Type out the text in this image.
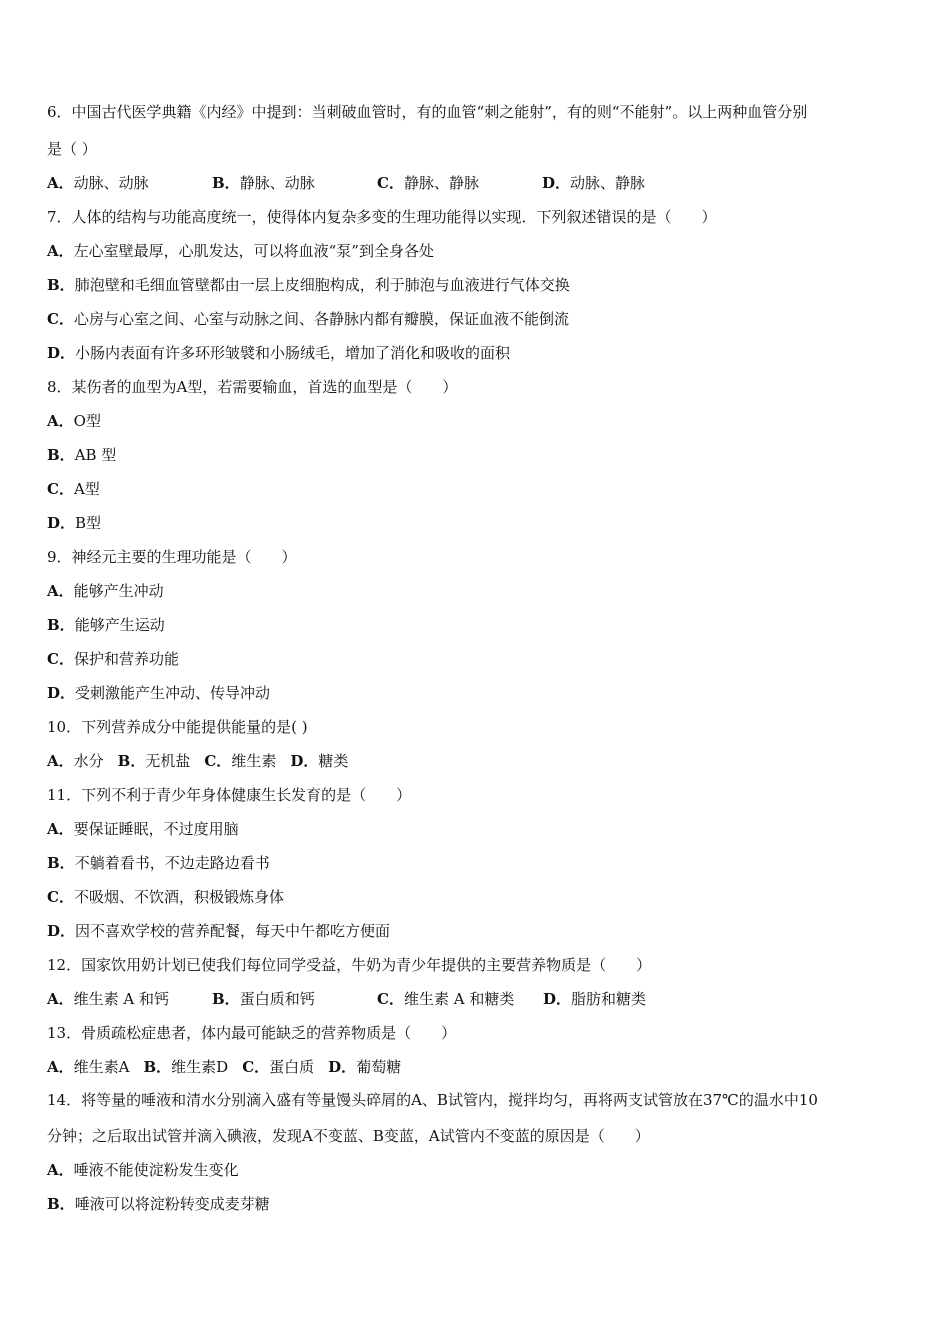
6．中国古代医学典籍《内经》中提到：当刺破血管时，有的血管“刺之能射”，有的则“不能射”。以上两种血管分别
是（ ）
A．动脉、动脉	B．静脉、动脉	C．静脉、静脉	D．动脉、静脉
7．人体的结构与功能高度统一，使得体内复杂多变的生理功能得以实现．下列叙述错误的是（　　）
A．左心室壁最厚，心肌发达，可以将血液“泵”到全身各处
B．肺泡壁和毛细血管壁都由一层上皮细胞构成，利于肺泡与血液进行气体交换
C．心房与心室之间、心室与动脉之间、各静脉内都有瓣膜，保证血液不能倒流
D．小肠内表面有许多环形皱襞和小肠绒毛，增加了消化和吸收的面积
8．某伤者的血型为A型，若需要输血，首选的血型是（　　）
A．O型
B．AB 型
C．A型
D．B型
9．神经元主要的生理功能是（　　）
A．能够产生冲动
B．能够产生运动
C．保护和营养功能
D．受刺激能产生冲动、传导冲动
10．下列营养成分中能提供能量的是( )
A．水分 B．无机盐 C．维生素 D．糖类
11．下列不利于青少年身体健康生长发育的是（　　）
A．要保证睡眠，不过度用脑
B．不躺着看书，不边走路边看书
C．不吸烟、不饮酒，积极锻炼身体
D．因不喜欢学校的营养配餐，每天中午都吃方便面
12．国家饮用奶计划已使我们每位同学受益，牛奶为青少年提供的主要营养物质是（　　）
A．维生素 A 和钙	B．蛋白质和钙	C．维生素 A 和糖类 D．脂肪和糖类
13．骨质疏松症患者，体内最可能缺乏的营养物质是（　　）
A．维生素A B．维生素D C．蛋白质 D．葡萄糖
14．将等量的唾液和清水分别滴入盛有等量馒头碎屑的A、B试管内，搅拌均匀，再将两支试管放在37℃的温水中10
分钟；之后取出试管并滴入碘液，发现A不变蓝、B变蓝，A试管内不变蓝的原因是（　　）
A．唾液不能使淀粉发生变化
B．唾液可以将淀粉转变成麦芽糖
